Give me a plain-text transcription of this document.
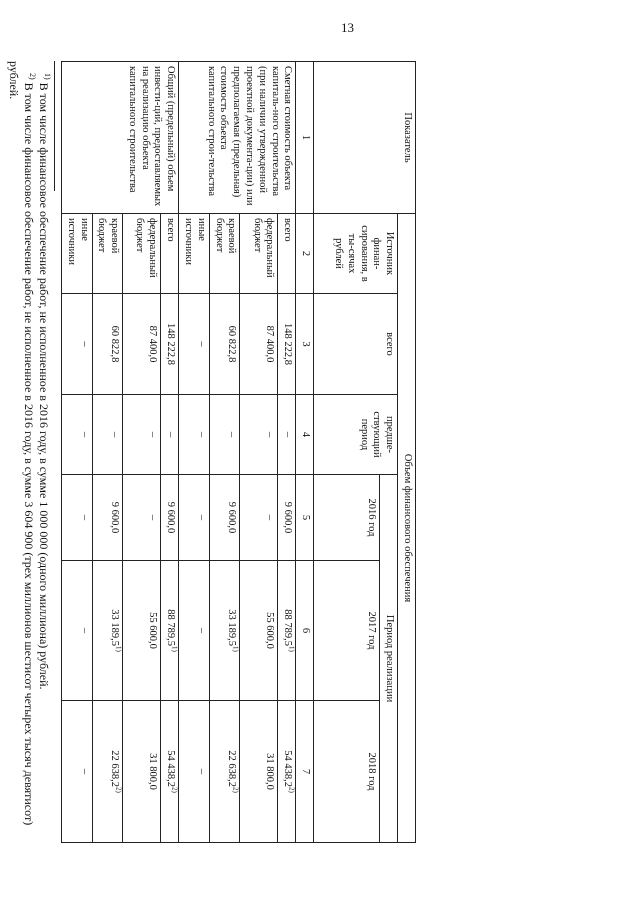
13
Показатель	Объем финансового обеспечения					
	Источник финан-сирования, в ты-сячах рублей	всего	предше-ствующий период	Период реализации		
				2016 год	2017 год	2018 год
1	2	3	4	5	6	7
Сметная стоимость объекта капиталь-ного строительства (при наличии утвержденной проектной документа-ции) или предполагаемая (предельная) стоимость объекта капитального строи-тельства	всего	148 222,8	–	9 600,0	88 789,5$^{1)}$	54 438,2$^{2)}$
	федеральный бюджет	87 400,0	–	–	55 600,0	31 800,0
	краевой бюджет	60 822,8	–	9 600,0	33 189,5$^{1)}$	22 638,2$^{2)}$
	иные источники	–	–	–	–	–
Общий (предельный) объем инвести-ций, предоставляемых на реализацию объекта капитального строительства	всего	148 222,8	–	9 600,0	88 789,5$^{1)}$	54 438,2$^{2)}$
	федеральный бюджет	87 400,0	–	–	55 600,0	31 800,0
	краевой бюджет	60 822,8	–	9 600,0	33 189,5$^{1)}$	22 638,2$^{2)}$
	иные источники	–	–	–	–	–
$^{1)}$ В том числе финансовое обеспечение работ, не исполненное в 2016 году, в сумме 1 000 000 (одного миллиона) рублей.
$^{2)}$ В том числе финансовое обеспечение работ, не исполненное в 2016 году, в сумме 3 604 900 (трех миллионов шестисот четырех тысяч девятисот) рублей.
